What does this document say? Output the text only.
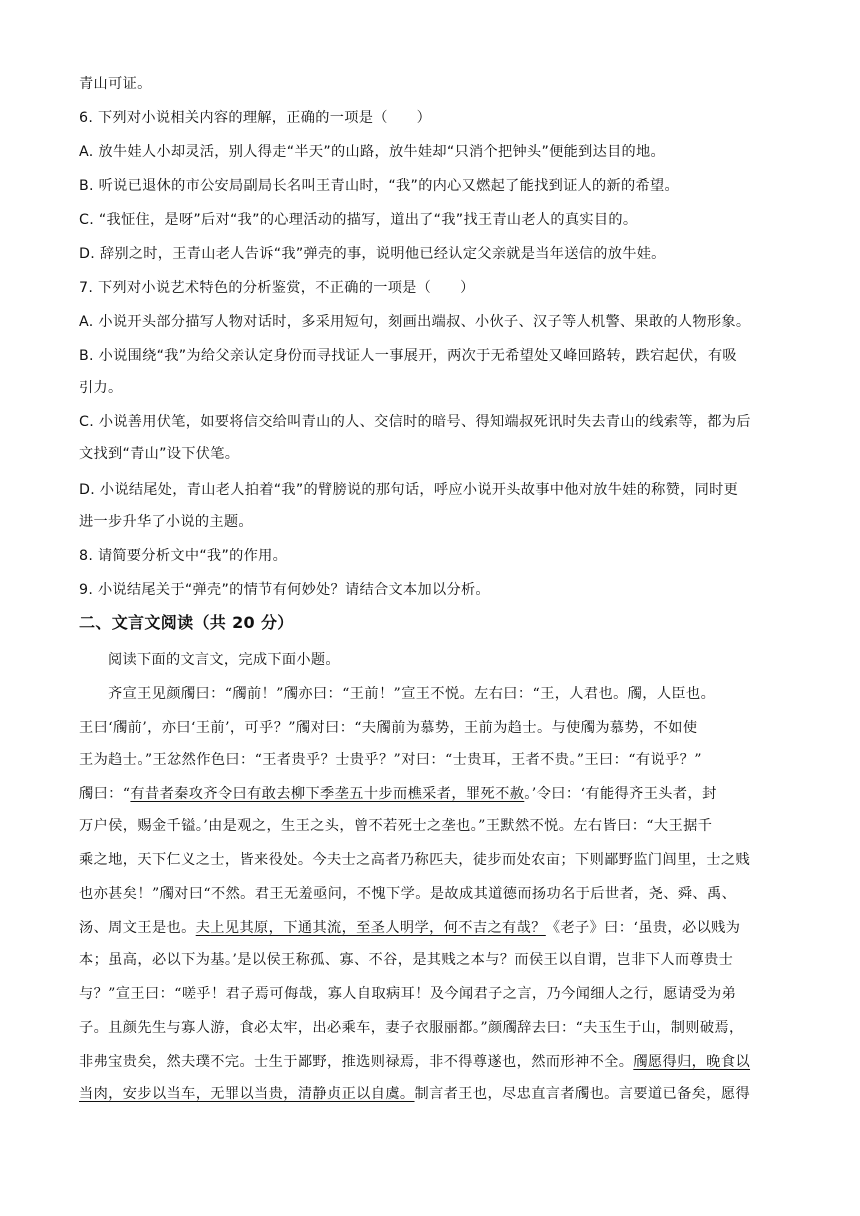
青山可证。
6. 下列对小说相关内容的理解，正确的一项是（　　）
A. 放牛娃人小却灵活，别人得走“半天”的山路，放牛娃却“只消个把钟头”便能到达目的地。
B. 听说已退休的市公安局副局长名叫王青山时，“我”的内心又燃起了能找到证人的新的希望。
C. “我怔住，是呀”后对“我”的心理活动的描写，道出了“我”找王青山老人的真实目的。
D. 辞别之时，王青山老人告诉“我”弹壳的事，说明他已经认定父亲就是当年送信的放牛娃。
7. 下列对小说艺术特色的分析鉴赏，不正确的一项是（　　）
A. 小说开头部分描写人物对话时，多采用短句，刻画出端叔、小伙子、汉子等人机警、果敢的人物形象。
B. 小说围绕“我”为给父亲认定身份而寻找证人一事展开，两次于无希望处又峰回路转，跌宕起伏，有吸
引力。
C. 小说善用伏笔，如要将信交给叫青山的人、交信时的暗号、得知端叔死讯时失去青山的线索等，都为后
文找到“青山”设下伏笔。
D. 小说结尾处，青山老人拍着“我”的臂膀说的那句话，呼应小说开头故事中他对放牛娃的称赞，同时更
进一步升华了小说的主题。
8. 请简要分析文中“我”的作用。
9. 小说结尾关于“弹壳”的情节有何妙处？请结合文本加以分析。
二、文言文阅读（共 20 分）
阅读下面的文言文，完成下面小题。
齐宣王见颜斶曰：“斶前！”斶亦曰：“王前！”宣王不悦。左右曰：“王，人君也。斶，人臣也。
王曰‘斶前’，亦曰‘王前’，可乎？”斶对曰：“夫斶前为慕势，王前为趋士。与使斶为慕势，不如使
王为趋士。”王忿然作色曰：“王者贵乎？士贵乎？”对曰：“士贵耳，王者不贵。”王曰：“有说乎？”
斶曰：“有昔者秦攻齐令曰有敢去柳下季垄五十步而樵采者，罪死不赦。’令曰：‘有能得齐王头者，封
万户侯，赐金千镒。’由是观之，生王之头，曾不若死士之垄也。”王默然不悦。左右皆曰：“大王据千
乘之地，天下仁义之士，皆来役处。今夫士之高者乃称匹夫，徒步而处农亩；下则鄙野监门闾里，士之贱
也亦甚矣！”斶对曰“不然。君王无羞亟问，不愧下学。是故成其道德而扬功名于后世者，尧、舜、禹、
汤、周文王是也。夫上见其原，下通其流，至圣人明学，何不吉之有哉？《老子》曰：‘虽贵，必以贱为
本；虽高，必以下为基。’是以侯王称孤、寡、不谷，是其贱之本与？而侯王以自谓，岂非下人而尊贵士
与？”宣王曰：“嗟乎！君子焉可侮哉，寡人自取病耳！及今闻君子之言，乃今闻细人之行，愿请受为弟
子。且颜先生与寡人游，食必太牢，出必乘车，妻子衣服丽都。”颜斶辞去曰：“夫玉生于山，制则破焉，
非弗宝贵矣，然夫璞不完。士生于鄙野，推选则禄焉，非不得尊遂也，然而形神不全。斶愿得归，晚食以
当肉，安步以当车，无罪以当贵，清静贞正以自虞。制言者王也，尽忠直言者斶也。言要道已备矣，愿得
